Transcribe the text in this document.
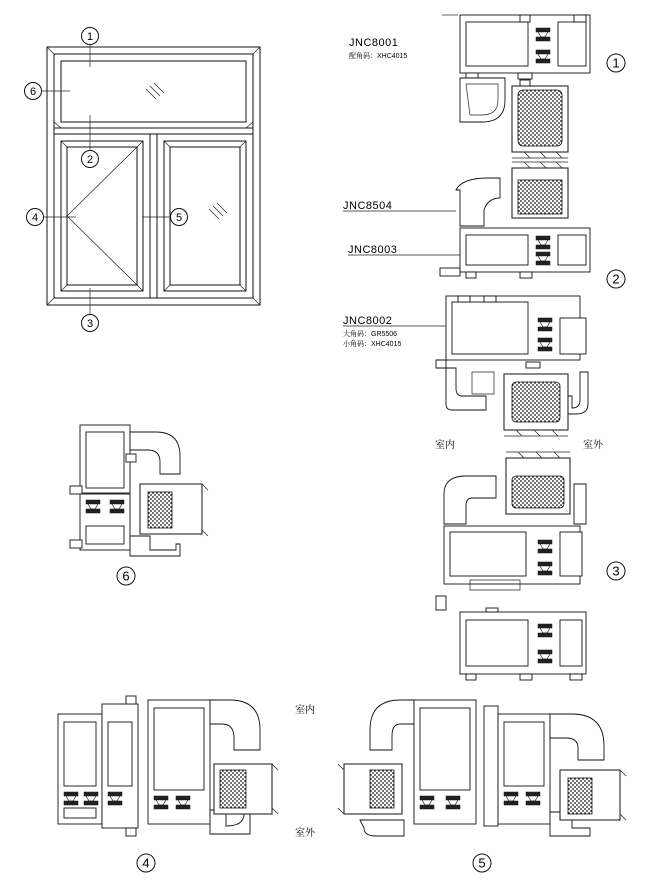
1
6
2
4	5
3
1
JNC8001
配角码：XHC4015
2
JNC8504
JNC8003
JNC8002
大角码：GR5506
小角码：XHC4015
室内	室外
3
6
4
室内
室外
5
